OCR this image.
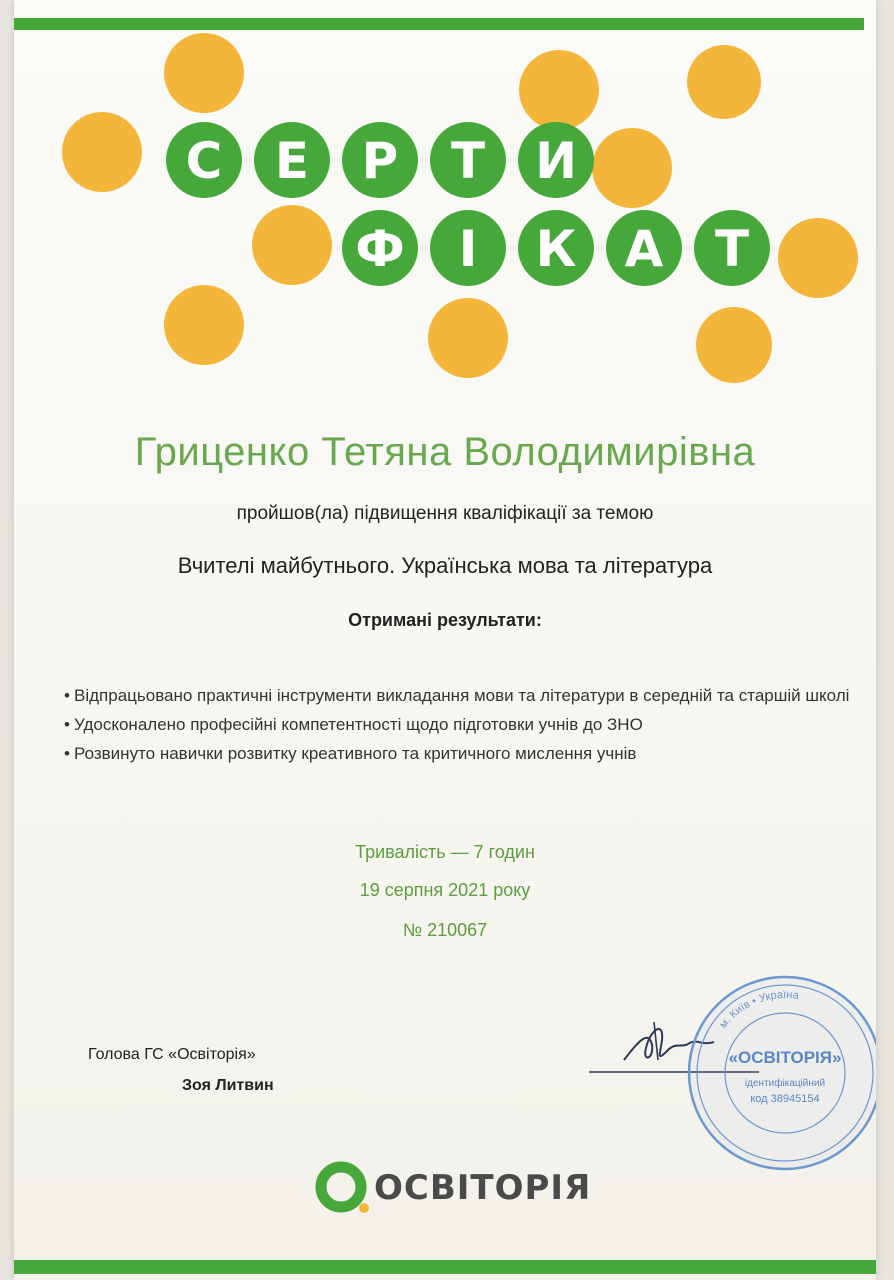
С Е Р Т И
Ф І К А Т
Гриценко Тетяна Володимирівна
пройшов(ла) підвищення кваліфікації за темою
Вчителі майбутнього. Українська мова та література
Отримані результати:
• Відпрацьовано практичні інструменти викладання мови та літератури в середній та старшій школі
• Удосконалено професійні компетентності щодо підготовки учнів до ЗНО
• Розвинуто навички розвитку креативного та критичного мислення учнів
Тривалість — 7 годин
19 серпня 2021 року
№ 210067
Голова ГС «Освіторія»
Зоя Литвин
м. Київ • Україна
«ОСВІТОРІЯ»
ідентифікаційний
код 38945154
ОСВІТОРІЯ
